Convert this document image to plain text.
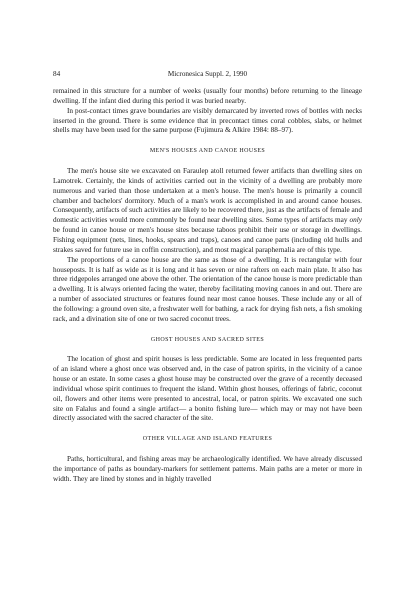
84	Micronesica Suppl. 2, 1990

remained in this structure for a number of weeks (usually four months) before returning to the lineage dwelling. If the infant died during this period it was buried nearby.

In post-contact times grave boundaries are visibly demarcated by inverted rows of bottles with necks inserted in the ground. There is some evidence that in precontact times coral cobbles, slabs, or helmet shells may have been used for the same purpose (Fujimura & Alkire 1984: 88–97).

MEN'S HOUSES AND CANOE HOUSES

The men's house site we excavated on Faraulep atoll returned fewer artifacts than dwelling sites on Lamotrek. Certainly, the kinds of activities carried out in the vicinity of a dwelling are probably more numerous and varied than those undertaken at a men's house. The men's house is primarily a council chamber and bachelors' dormitory. Much of a man's work is accomplished in and around canoe houses. Consequently, artifacts of such activities are likely to be recovered there, just as the artifacts of female and domestic activities would more commonly be found near dwelling sites. Some types of artifacts may only be found in canoe house or men's house sites because taboos prohibit their use or storage in dwellings. Fishing equipment (nets, lines, hooks, spears and traps), canoes and canoe parts (including old hulls and strakes saved for future use in coffin construction), and most magical paraphernalia are of this type.

The proportions of a canoe house are the same as those of a dwelling. It is rectangular with four houseposts. It is half as wide as it is long and it has seven or nine rafters on each main plate. It also has three ridgepoles arranged one above the other. The orientation of the canoe house is more predictable than a dwelling. It is always oriented facing the water, thereby facilitating moving canoes in and out. There are a number of associated structures or features found near most canoe houses. These include any or all of the following: a ground oven site, a freshwater well for bathing, a rack for drying fish nets, a fish smoking rack, and a divination site of one or two sacred coconut trees.

GHOST HOUSES AND SACRED SITES

The location of ghost and spirit houses is less predictable. Some are located in less frequented parts of an island where a ghost once was observed and, in the case of patron spirits, in the vicinity of a canoe house or an estate. In some cases a ghost house may be constructed over the grave of a recently deceased individual whose spirit continues to frequent the island. Within ghost houses, offerings of fabric, coconut oil, flowers and other items were presented to ancestral, local, or patron spirits. We excavated one such site on Falalus and found a single artifact— a bonito fishing lure— which may or may not have been directly associated with the sacred character of the site.

OTHER VILLAGE AND ISLAND FEATURES

Paths, horticultural, and fishing areas may be archaeologically identified. We have already discussed the importance of paths as boundary-markers for settlement patterns. Main paths are a meter or more in width. They are lined by stones and in highly travelled
